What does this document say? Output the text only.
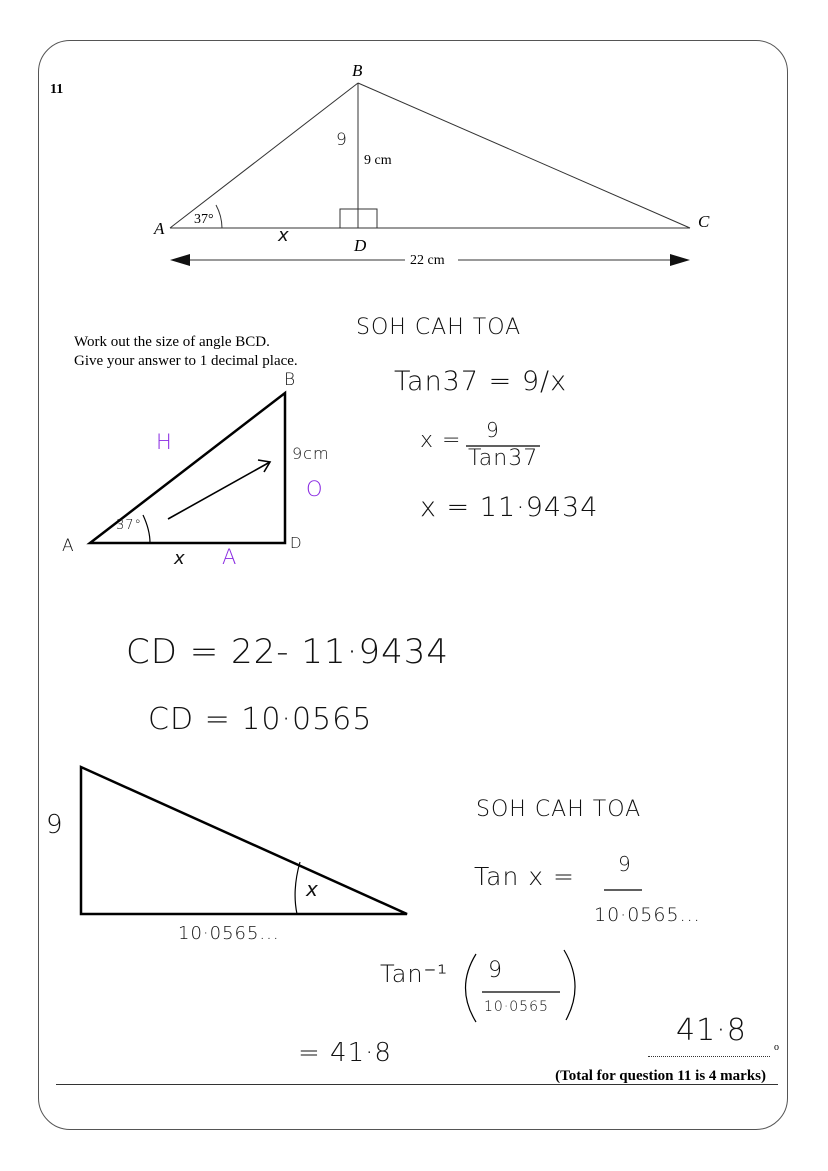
11
B
A	C
D
37°
9 cm
22 cm
9
x
Work out the size of angle BCD.
Give your answer to 1 decimal place.
B
A	D
37°
9cm
H
O
A
x
SOH CAH TOA
Tan37 = 9/x
x = 9
Tan37
x = 11·9434
CD = 22- 11·9434
CD = 10·0565
9
10·0565...
x
SOH CAH TOA
Tan x = 9
10·0565...
Tan⁻¹ 9
10·0565
= 41·8
41·8	o
(Total for question 11 is 4 marks)
